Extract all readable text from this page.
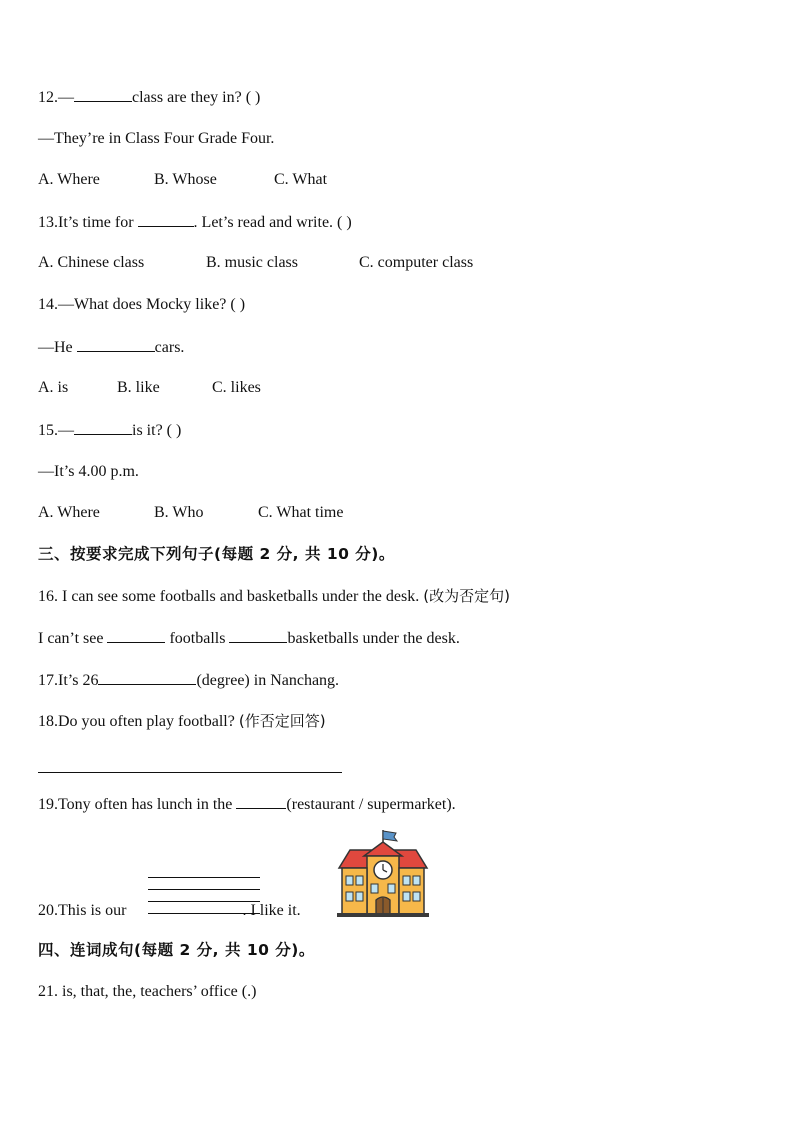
12.—	class are they in? ( )
—They’re in Class Four Grade Four.
A. Where	B. Whose	C. What
13.It’s time for	. Let’s read and write. ( )
A. Chinese class	B. music class	C. computer class
14.—What does Mocky like? ( )
—He	cars.
A. is	B. like	C. likes
15.—	is it? ( )
—It’s 4.00 p.m.
A. Where	B. Who	C. What time
三、按要求完成下列句子(每题 2 分, 共 10 分)。
16. I can see some footballs and basketballs under the desk. (改为否定句)
I can’t see	footballs	basketballs under the desk.
17.It’s 26	(degree) in Nanchang.
18.Do you often play football? (作否定回答)
19.Tony often has lunch in the	(restaurant / supermarket).
20.This is our	. I like it.
四、连词成句(每题 2 分, 共 10 分)。
21. is, that, the, teachers’ office (.)
